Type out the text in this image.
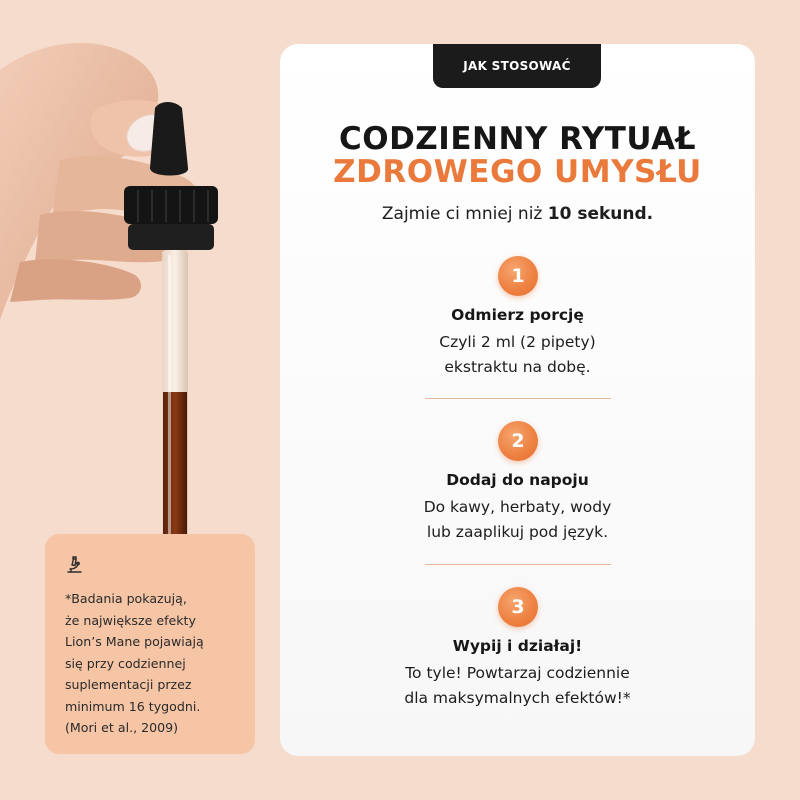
JAK STOSOWAĆ
CODZIENNY RYTUAŁ
ZDROWEGO UMYSŁU
Zajmie ci mniej niż 10 sekund.
1
Odmierz porcję
Czyli 2 ml (2 pipety)
ekstraktu na dobę.
2
Dodaj do napoju
Do kawy, herbaty, wody
lub zaaplikuj pod język.
3
Wypij i działaj!
To tyle! Powtarzaj codziennie
dla maksymalnych efektów!*
*Badania pokazują,
że największe efekty
Lion’s Mane pojawiają
się przy codziennej
suplementacji przez
minimum 16 tygodni.
(Mori et al., 2009)
